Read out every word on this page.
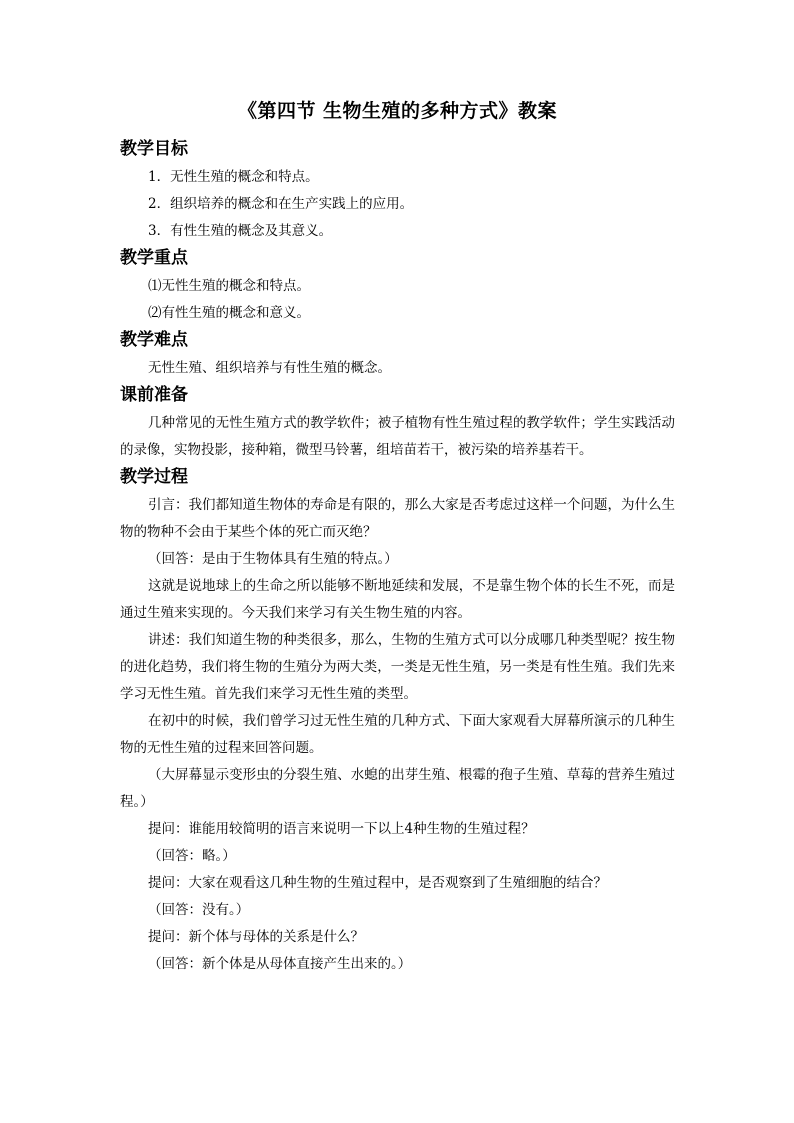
《第四节 生物生殖的多种方式》教案
教学目标

1．无性生殖的概念和特点。

2．组织培养的概念和在生产实践上的应用。

3．有性生殖的概念及其意义。

教学重点

⑴无性生殖的概念和特点。

⑵有性生殖的概念和意义。

教学难点

无性生殖、组织培养与有性生殖的概念。

课前准备

几种常见的无性生殖方式的教学软件；被子植物有性生殖过程的教学软件；学生实践活动的录像，实物投影，接种箱，微型马铃薯，组培苗若干，被污染的培养基若干。

教学过程

引言：我们都知道生物体的寿命是有限的，那么大家是否考虑过这样一个问题，为什么生物的物种不会由于某些个体的死亡而灭绝？

（回答：是由于生物体具有生殖的特点。）

这就是说地球上的生命之所以能够不断地延续和发展，不是靠生物个体的长生不死，而是通过生殖来实现的。今天我们来学习有关生物生殖的内容。

讲述：我们知道生物的种类很多，那么，生物的生殖方式可以分成哪几种类型呢？按生物的进化趋势，我们将生物的生殖分为两大类，一类是无性生殖，另一类是有性生殖。我们先来学习无性生殖。首先我们来学习无性生殖的类型。

在初中的时候，我们曾学习过无性生殖的几种方式、下面大家观看大屏幕所演示的几种生物的无性生殖的过程来回答问题。

（大屏幕显示变形虫的分裂生殖、水螅的出芽生殖、根霉的孢子生殖、草莓的营养生殖过程。）

提问：谁能用较简明的语言来说明一下以上4种生物的生殖过程？

（回答：略。）

提问：大家在观看这几种生物的生殖过程中，是否观察到了生殖细胞的结合？

（回答：没有。）

提问：新个体与母体的关系是什么？

（回答：新个体是从母体直接产生出来的。）
